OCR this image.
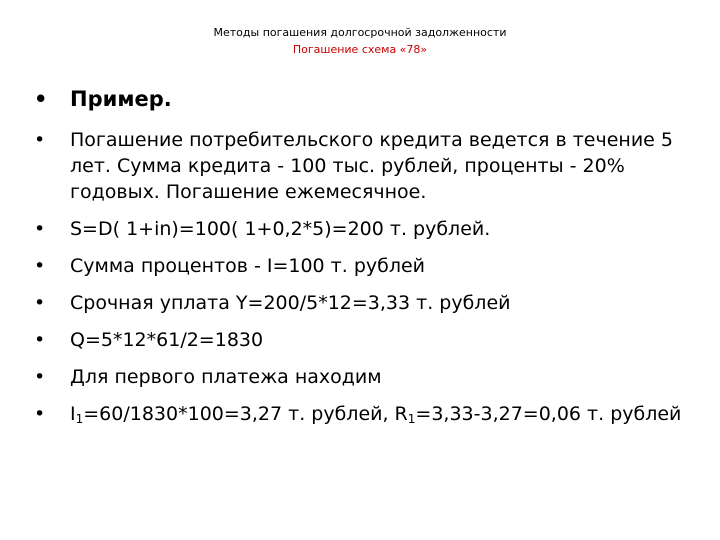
Методы погашения долгосрочной задолженности
Погашение схема «78»
• Пример.
• Погашение потребительского кредита ведется в течение 5 лет. Сумма кредита - 100 тыс. рублей, проценты - 20% годовых. Погашение ежемесячное.
• S=D( 1+in)=100( 1+0,2*5)=200 т. рублей.
• Сумма процентов - I=100 т. рублей
• Срочная уплата Y=200/5*12=3,33 т. рублей
• Q=5*12*61/2=1830
• Для первого платежа находим
• $I_1=60/1830*100=3,27$ т. рублей, $R_1=3,33-3,27=0,06$ т. рублей
